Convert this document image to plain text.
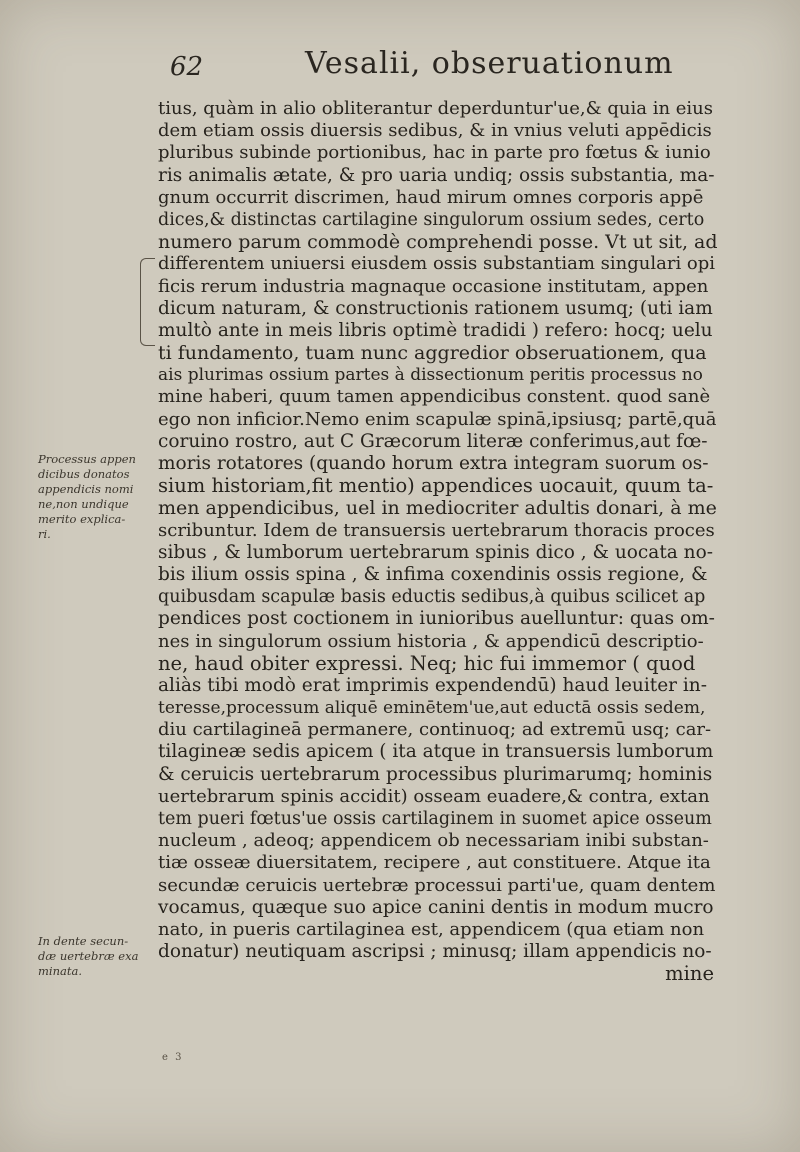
62	Vesalii, obseruationum
tius, quàm in alio obliterantur deperduntur'ue,& quia in eius
dem etiam ossis diuersis sedibus, & in vnius veluti appēdicis
pluribus subinde portionibus, hac in parte pro fœtus & iunio
ris animalis ætate, & pro uaria undiq; ossis substantia, ma-
gnum occurrit discrimen, haud mirum omnes corporis appē
dices,& distinctas cartilagine singulorum ossium sedes, certo
numero parum commodè comprehendi posse. Vt ut sit, ad
differentem uniuersi eiusdem ossis substantiam singulari opi
ficis rerum industria magnaque occasione institutam, appen
dicum naturam, & constructionis rationem usumq; (uti iam
multò ante in meis libris optimè tradidi ) refero: hocq; uelu
ti fundamento, tuam nunc aggredior obseruationem, qua
ais plurimas ossium partes à dissectionum peritis processus no
mine haberi, quum tamen appendicibus constent. quod sanè
ego non inficior.Nemo enim scapulæ spinā,ipsiusq; partē,quā
coruino rostro, aut C Græcorum literæ conferimus,aut fœ-
moris rotatores (quando horum extra integram suorum os-
sium historiam,fit mentio) appendices uocauit, quum ta-
men appendicibus, uel in mediocriter adultis donari, à me
scribuntur. Idem de transuersis uertebrarum thoracis proces
sibus , & lumborum uertebrarum spinis dico , & uocata no-
bis ilium ossis spina , & infima coxendinis ossis regione, &
quibusdam scapulæ basis eductis sedibus,à quibus scilicet ap
pendices post coctionem in iunioribus auelluntur: quas om-
nes in singulorum ossium historia , & appendicū descriptio-
ne, haud obiter expressi. Neq; hic fui immemor ( quod
aliàs tibi modò erat imprimis expendendū) haud leuiter in-
teresse,processum aliquē eminētem'ue,aut eductā ossis sedem,
diu cartilagineā permanere, continuoq; ad extremū usq; car-
tilagineæ sedis apicem ( ita atque in transuersis lumborum
& ceruicis uertebrarum processibus plurimarumq; hominis
uertebrarum spinis accidit) osseam euadere,& contra, extan
tem pueri fœtus'ue ossis cartilaginem in suomet apice osseum
nucleum , adeoq; appendicem ob necessariam inibi substan-
tiæ osseæ diuersitatem, recipere , aut constituere. Atque ita
secundæ ceruicis uertebræ processui parti'ue, quam dentem
vocamus, quæque suo apice canini dentis in modum mucro
nato, in pueris cartilaginea est, appendicem (qua etiam non
donatur) neutiquam ascripsi ; minusq; illam appendicis no-
mine
Processus appen
dicibus donatos
appendicis nomi
ne,non undique
merito explica-
ri.
In dente secun-
dæ uertebræ exa
minata.
e 3
